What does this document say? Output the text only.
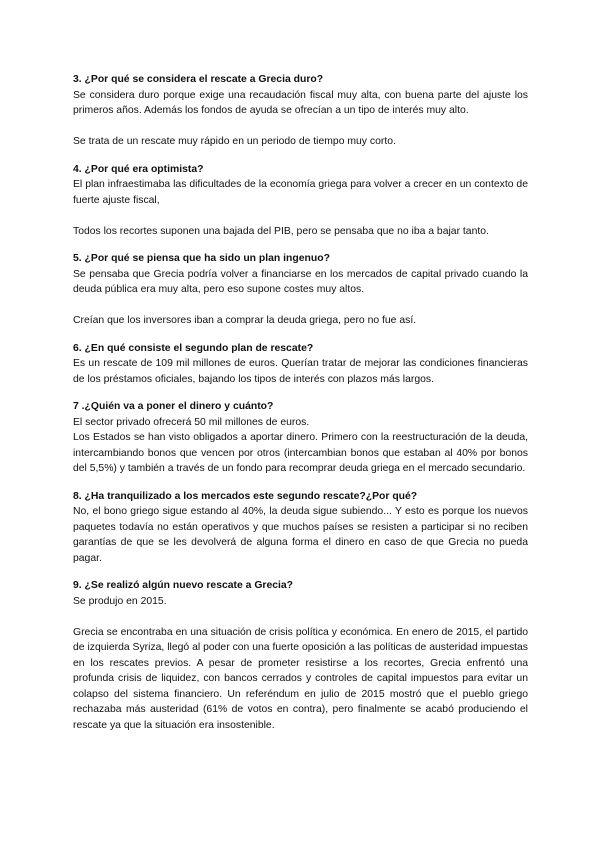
3. ¿Por qué se considera el rescate a Grecia duro?

Se considera duro porque exige una recaudación fiscal muy alta, con buena parte del ajuste los primeros años. Además los fondos de ayuda se ofrecían a un tipo de interés muy alto.

Se trata de un rescate muy rápido en un periodo de tiempo muy corto.

4. ¿Por qué era optimista?

El plan infraestimaba las dificultades de la economía griega para volver a crecer en un contexto de fuerte ajuste fiscal,

Todos los recortes suponen una bajada del PIB, pero se pensaba que no iba a bajar tanto.

5. ¿Por qué se piensa que ha sido un plan ingenuo?

Se pensaba que Grecia podría volver a financiarse en los mercados de capital privado cuando la deuda pública era muy alta, pero eso supone costes muy altos.

Creían que los inversores iban a comprar la deuda griega, pero no fue así.

6. ¿En qué consiste el segundo plan de rescate?

Es un rescate de 109 mil millones de euros. Querían tratar de mejorar las condiciones financieras de los préstamos oficiales, bajando los tipos de interés con plazos más largos.

7 .¿Quién va a poner el dinero y cuánto?

El sector privado ofrecerá 50 mil millones de euros.

Los Estados se han visto obligados a aportar dinero. Primero con la reestructuración de la deuda, intercambiando bonos que vencen por otros (intercambian bonos que estaban al 40% por bonos del 5,5%) y también a través de un fondo para recomprar deuda griega en el mercado secundario.

8. ¿Ha tranquilizado a los mercados este segundo rescate?¿Por qué?

No, el bono griego sigue estando al 40%, la deuda sigue subiendo... Y esto es porque los nuevos paquetes todavía no están operativos y que muchos países se resisten a participar si no reciben garantías de que se les devolverá de alguna forma el dinero en caso de que Grecia no pueda pagar.

9. ¿Se realizó algún nuevo rescate a Grecia?

Se produjo en 2015.

Grecia se encontraba en una situación de crisis política y económica. En enero de 2015, el partido de izquierda Syriza, llegó al poder con una fuerte oposición a las políticas de austeridad impuestas en los rescates previos. A pesar de prometer resistirse a los recortes, Grecia enfrentó una profunda crisis de liquidez, con bancos cerrados y controles de capital impuestos para evitar un colapso del sistema financiero. Un referéndum en julio de 2015 mostró que el pueblo griego rechazaba más austeridad (61% de votos en contra), pero finalmente se acabó produciendo el rescate ya que la situación era insostenible.
